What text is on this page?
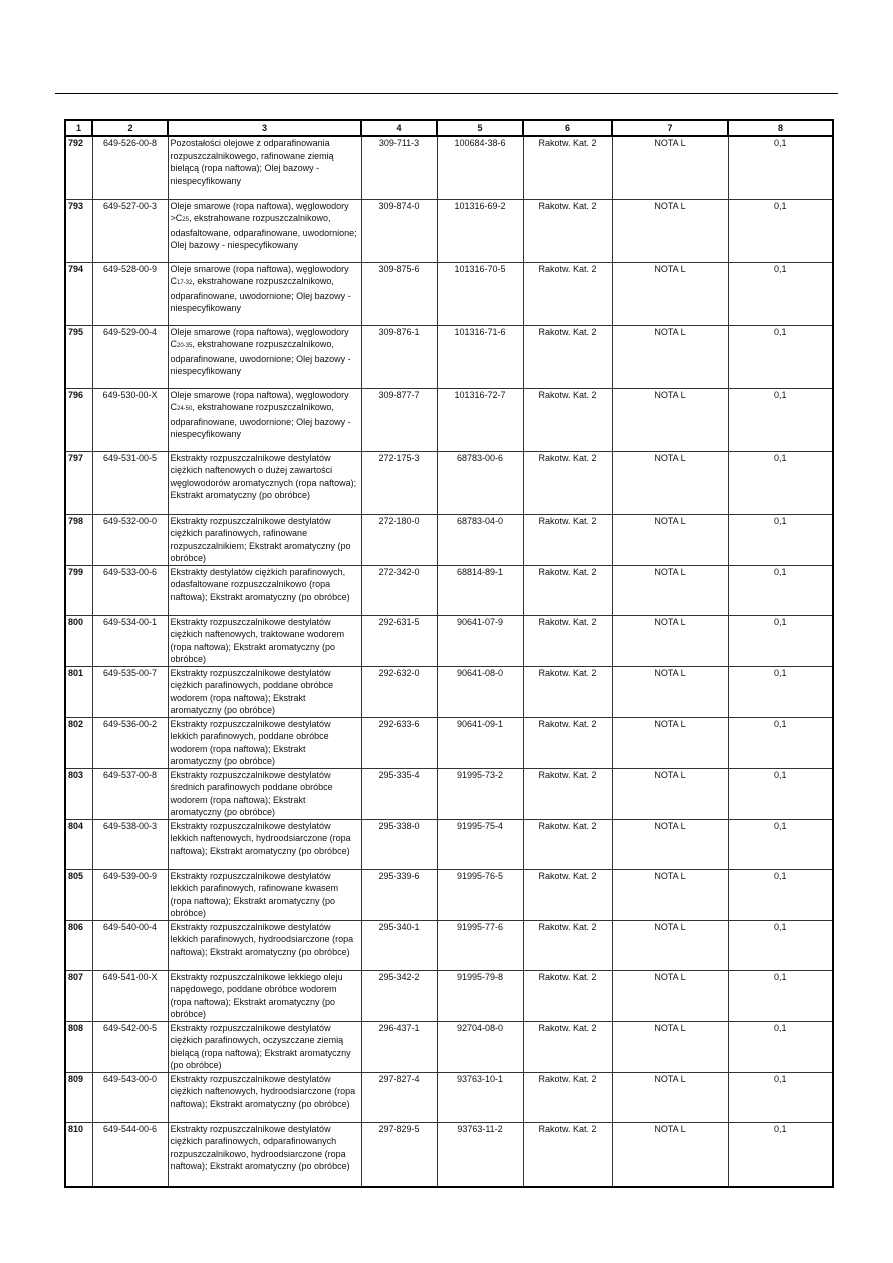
1	2	3	4	5	6	7	8
792	649-526-00-8	Pozostałości olejowe z odparafinowania rozpuszczalnikowego, rafinowane ziemią bielącą (ropa naftowa); Olej bazowy - niespecyfikowany	309-711-3	100684-38-6	Rakotw. Kat. 2	NOTA L	0,1
793	649-527-00-3	Oleje smarowe (ropa naftowa), węglowodory >C25, ekstrahowane rozpuszczalnikowo, odasfaltowane, odparafinowane, uwodornione; Olej bazowy - niespecyfikowany	309-874-0	101316-69-2	Rakotw. Kat. 2	NOTA L	0,1
794	649-528-00-9	Oleje smarowe (ropa naftowa), węglowodory C17-32, ekstrahowane rozpuszczalnikowo, odparafinowane, uwodornione; Olej bazowy - niespecyfikowany	309-875-6	101316-70-5	Rakotw. Kat. 2	NOTA L	0,1
795	649-529-00-4	Oleje smarowe (ropa naftowa), węglowodory C20-35, ekstrahowane rozpuszczalnikowo, odparafinowane, uwodornione; Olej bazowy - niespecyfikowany	309-876-1	101316-71-6	Rakotw. Kat. 2	NOTA L	0,1
796	649-530-00-X	Oleje smarowe (ropa naftowa), węglowodory C24-50, ekstrahowane rozpuszczalnikowo, odparafinowane, uwodornione; Olej bazowy - niespecyfikowany	309-877-7	101316-72-7	Rakotw. Kat. 2	NOTA L	0,1
797	649-531-00-5	Ekstrakty rozpuszczalnikowe destylatów ciężkich naftenowych o dużej zawartości węglowodorów aromatycznych (ropa naftowa); Ekstrakt aromatyczny (po obróbce)	272-175-3	68783-00-6	Rakotw. Kat. 2	NOTA L	0,1
798	649-532-00-0	Ekstrakty rozpuszczalnikowe destylatów ciężkich parafinowych, rafinowane rozpuszczalnikiem; Ekstrakt aromatyczny (po obróbce)	272-180-0	68783-04-0	Rakotw. Kat. 2	NOTA L	0,1
799	649-533-00-6	Ekstrakty destylatów ciężkich parafinowych, odasfaltowane rozpuszczalnikowo (ropa naftowa); Ekstrakt aromatyczny (po obróbce)	272-342-0	68814-89-1	Rakotw. Kat. 2	NOTA L	0,1
800	649-534-00-1	Ekstrakty rozpuszczalnikowe destylatów ciężkich naftenowych, traktowane wodorem (ropa naftowa); Ekstrakt aromatyczny (po obróbce)	292-631-5	90641-07-9	Rakotw. Kat. 2	NOTA L	0,1
801	649-535-00-7	Ekstrakty rozpuszczalnikowe destylatów ciężkich parafinowych, poddane obróbce wodorem (ropa naftowa); Ekstrakt aromatyczny (po obróbce)	292-632-0	90641-08-0	Rakotw. Kat. 2	NOTA L	0,1
802	649-536-00-2	Ekstrakty rozpuszczalnikowe destylatów lekkich parafinowych, poddane obróbce wodorem (ropa naftowa); Ekstrakt aromatyczny (po obróbce)	292-633-6	90641-09-1	Rakotw. Kat. 2	NOTA L	0,1
803	649-537-00-8	Ekstrakty rozpuszczalnikowe destylatów średnich parafinowych poddane obróbce wodorem (ropa naftowa); Ekstrakt aromatyczny (po obróbce)	295-335-4	91995-73-2	Rakotw. Kat. 2	NOTA L	0,1
804	649-538-00-3	Ekstrakty rozpuszczalnikowe destylatów lekkich naftenowych, hydroodsiarczone (ropa naftowa); Ekstrakt aromatyczny (po obróbce)	295-338-0	91995-75-4	Rakotw. Kat. 2	NOTA L	0,1
805	649-539-00-9	Ekstrakty rozpuszczalnikowe destylatów lekkich parafinowych, rafinowane kwasem (ropa naftowa); Ekstrakt aromatyczny (po obróbce)	295-339-6	91995-76-5	Rakotw. Kat. 2	NOTA L	0,1
806	649-540-00-4	Ekstrakty rozpuszczalnikowe destylatów lekkich parafinowych, hydroodsiarczone (ropa naftowa); Ekstrakt aromatyczny (po obróbce)	295-340-1	91995-77-6	Rakotw. Kat. 2	NOTA L	0,1
807	649-541-00-X	Ekstrakty rozpuszczalnikowe lekkiego oleju napędowego, poddane obróbce wodorem (ropa naftowa); Ekstrakt aromatyczny (po obróbce)	295-342-2	91995-79-8	Rakotw. Kat. 2	NOTA L	0,1
808	649-542-00-5	Ekstrakty rozpuszczalnikowe destylatów ciężkich parafinowych, oczyszczane ziemią bielącą (ropa naftowa); Ekstrakt aromatyczny (po obróbce)	296-437-1	92704-08-0	Rakotw. Kat. 2	NOTA L	0,1
809	649-543-00-0	Ekstrakty rozpuszczalnikowe destylatów ciężkich naftenowych, hydroodsiarczone (ropa naftowa); Ekstrakt aromatyczny (po obróbce)	297-827-4	93763-10-1	Rakotw. Kat. 2	NOTA L	0,1
810	649-544-00-6	Ekstrakty rozpuszczalnikowe destylatów ciężkich parafinowych, odparafinowanych rozpuszczalnikowo, hydroodsiarczone (ropa naftowa); Ekstrakt aromatyczny (po obróbce)	297-829-5	93763-11-2	Rakotw. Kat. 2	NOTA L	0,1
